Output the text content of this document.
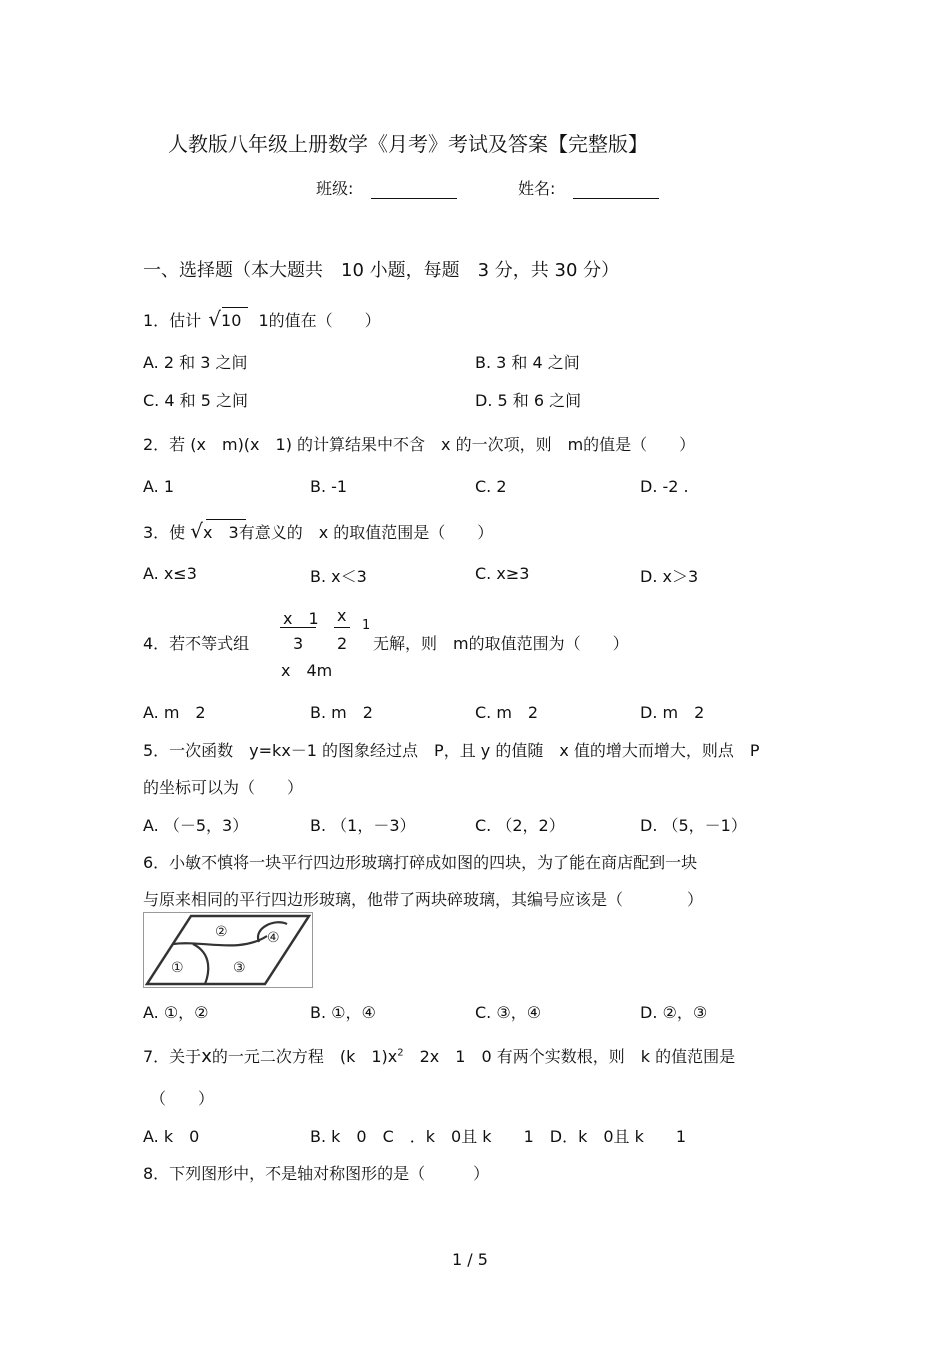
人教版八年级上册数学《月考》考试及答案【完整版】
班级:	姓名:
一、选择题（本大题共　10 小题，每题　3 分，共 30 分）
1．估计 √10 1的值在（　　）
A. 2 和 3 之间	B. 3 和 4 之间
C. 4 和 5 之间	D. 5 和 6 之间
2．若 (x　m)(x　1) 的计算结果中不含　x 的一次项，则　m的值是（　　）
A. 1	B. -1	C. 2	D. -2 .
3．使 √x　3有意义的　x 的取值范围是（　　）
A. x≤3	B. x＜3	C. x≥3	D. x＞3
4．若不等式组
x　1
3
x
2
1
无解，则　m的取值范围为（　　）
x　4m
A. m　2	B. m　2	C. m　2	D. m　2
5．一次函数　y=kx－1 的图象经过点　P，且 y 的值随　x 值的增大而增大，则点　P
的坐标可以为（　　）
A. （－5，3）	B. （1，－3）	C. （2，2）	D. （5，－1）
6．小敏不慎将一块平行四边形玻璃打碎成如图的四块，为了能在商店配到一块
与原来相同的平行四边形玻璃，他带了两块碎玻璃，其编号应该是（　　　　）
②	④
①	③
A. ①，②	B. ①，④	C. ③，④	D. ②，③
7．关于x的一元二次方程　(k　$1)x^2$　2x　1　0 有两个实数根，则　k 的值范围是
（　　）
A. k　0	B. k　0　C　．k　0且 k　　1　D．k　0且 k　　1
8．下列图形中，不是轴对称图形的是（　　　）
1 / 5
